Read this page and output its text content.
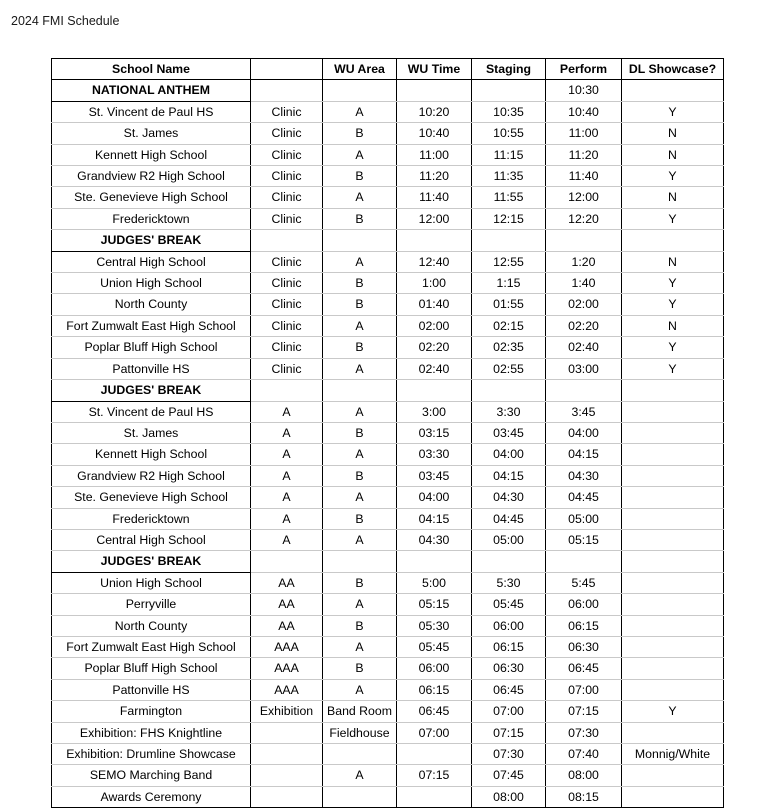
2024 FMI Schedule
School Name		WU Area	WU Time	Staging	Perform	DL Showcase?
NATIONAL ANTHEM					10:30	
St. Vincent de Paul HS	Clinic	A	10:20	10:35	10:40	Y
St. James	Clinic	B	10:40	10:55	11:00	N
Kennett High School	Clinic	A	11:00	11:15	11:20	N
Grandview R2 High School	Clinic	B	11:20	11:35	11:40	Y
Ste. Genevieve High School	Clinic	A	11:40	11:55	12:00	N
Fredericktown	Clinic	B	12:00	12:15	12:20	Y
JUDGES' BREAK						
Central High School	Clinic	A	12:40	12:55	1:20	N
Union High School	Clinic	B	1:00	1:15	1:40	Y
North County	Clinic	B	01:40	01:55	02:00	Y
Fort Zumwalt East High School	Clinic	A	02:00	02:15	02:20	N
Poplar Bluff High School	Clinic	B	02:20	02:35	02:40	Y
Pattonville HS	Clinic	A	02:40	02:55	03:00	Y
JUDGES' BREAK						
St. Vincent de Paul HS	A	A	3:00	3:30	3:45	
St. James	A	B	03:15	03:45	04:00	
Kennett High School	A	A	03:30	04:00	04:15	
Grandview R2 High School	A	B	03:45	04:15	04:30	
Ste. Genevieve High School	A	A	04:00	04:30	04:45	
Fredericktown	A	B	04:15	04:45	05:00	
Central High School	A	A	04:30	05:00	05:15	
JUDGES' BREAK						
Union High School	AA	B	5:00	5:30	5:45	
Perryville	AA	A	05:15	05:45	06:00	
North County	AA	B	05:30	06:00	06:15	
Fort Zumwalt East High School	AAA	A	05:45	06:15	06:30	
Poplar Bluff High School	AAA	B	06:00	06:30	06:45	
Pattonville HS	AAA	A	06:15	06:45	07:00	
Farmington	Exhibition	Band Room	06:45	07:00	07:15	Y
Exhibition: FHS Knightline		Fieldhouse	07:00	07:15	07:30	
Exhibition: Drumline Showcase				07:30	07:40	Monnig/White
SEMO Marching Band		A	07:15	07:45	08:00	
Awards Ceremony				08:00	08:15	
